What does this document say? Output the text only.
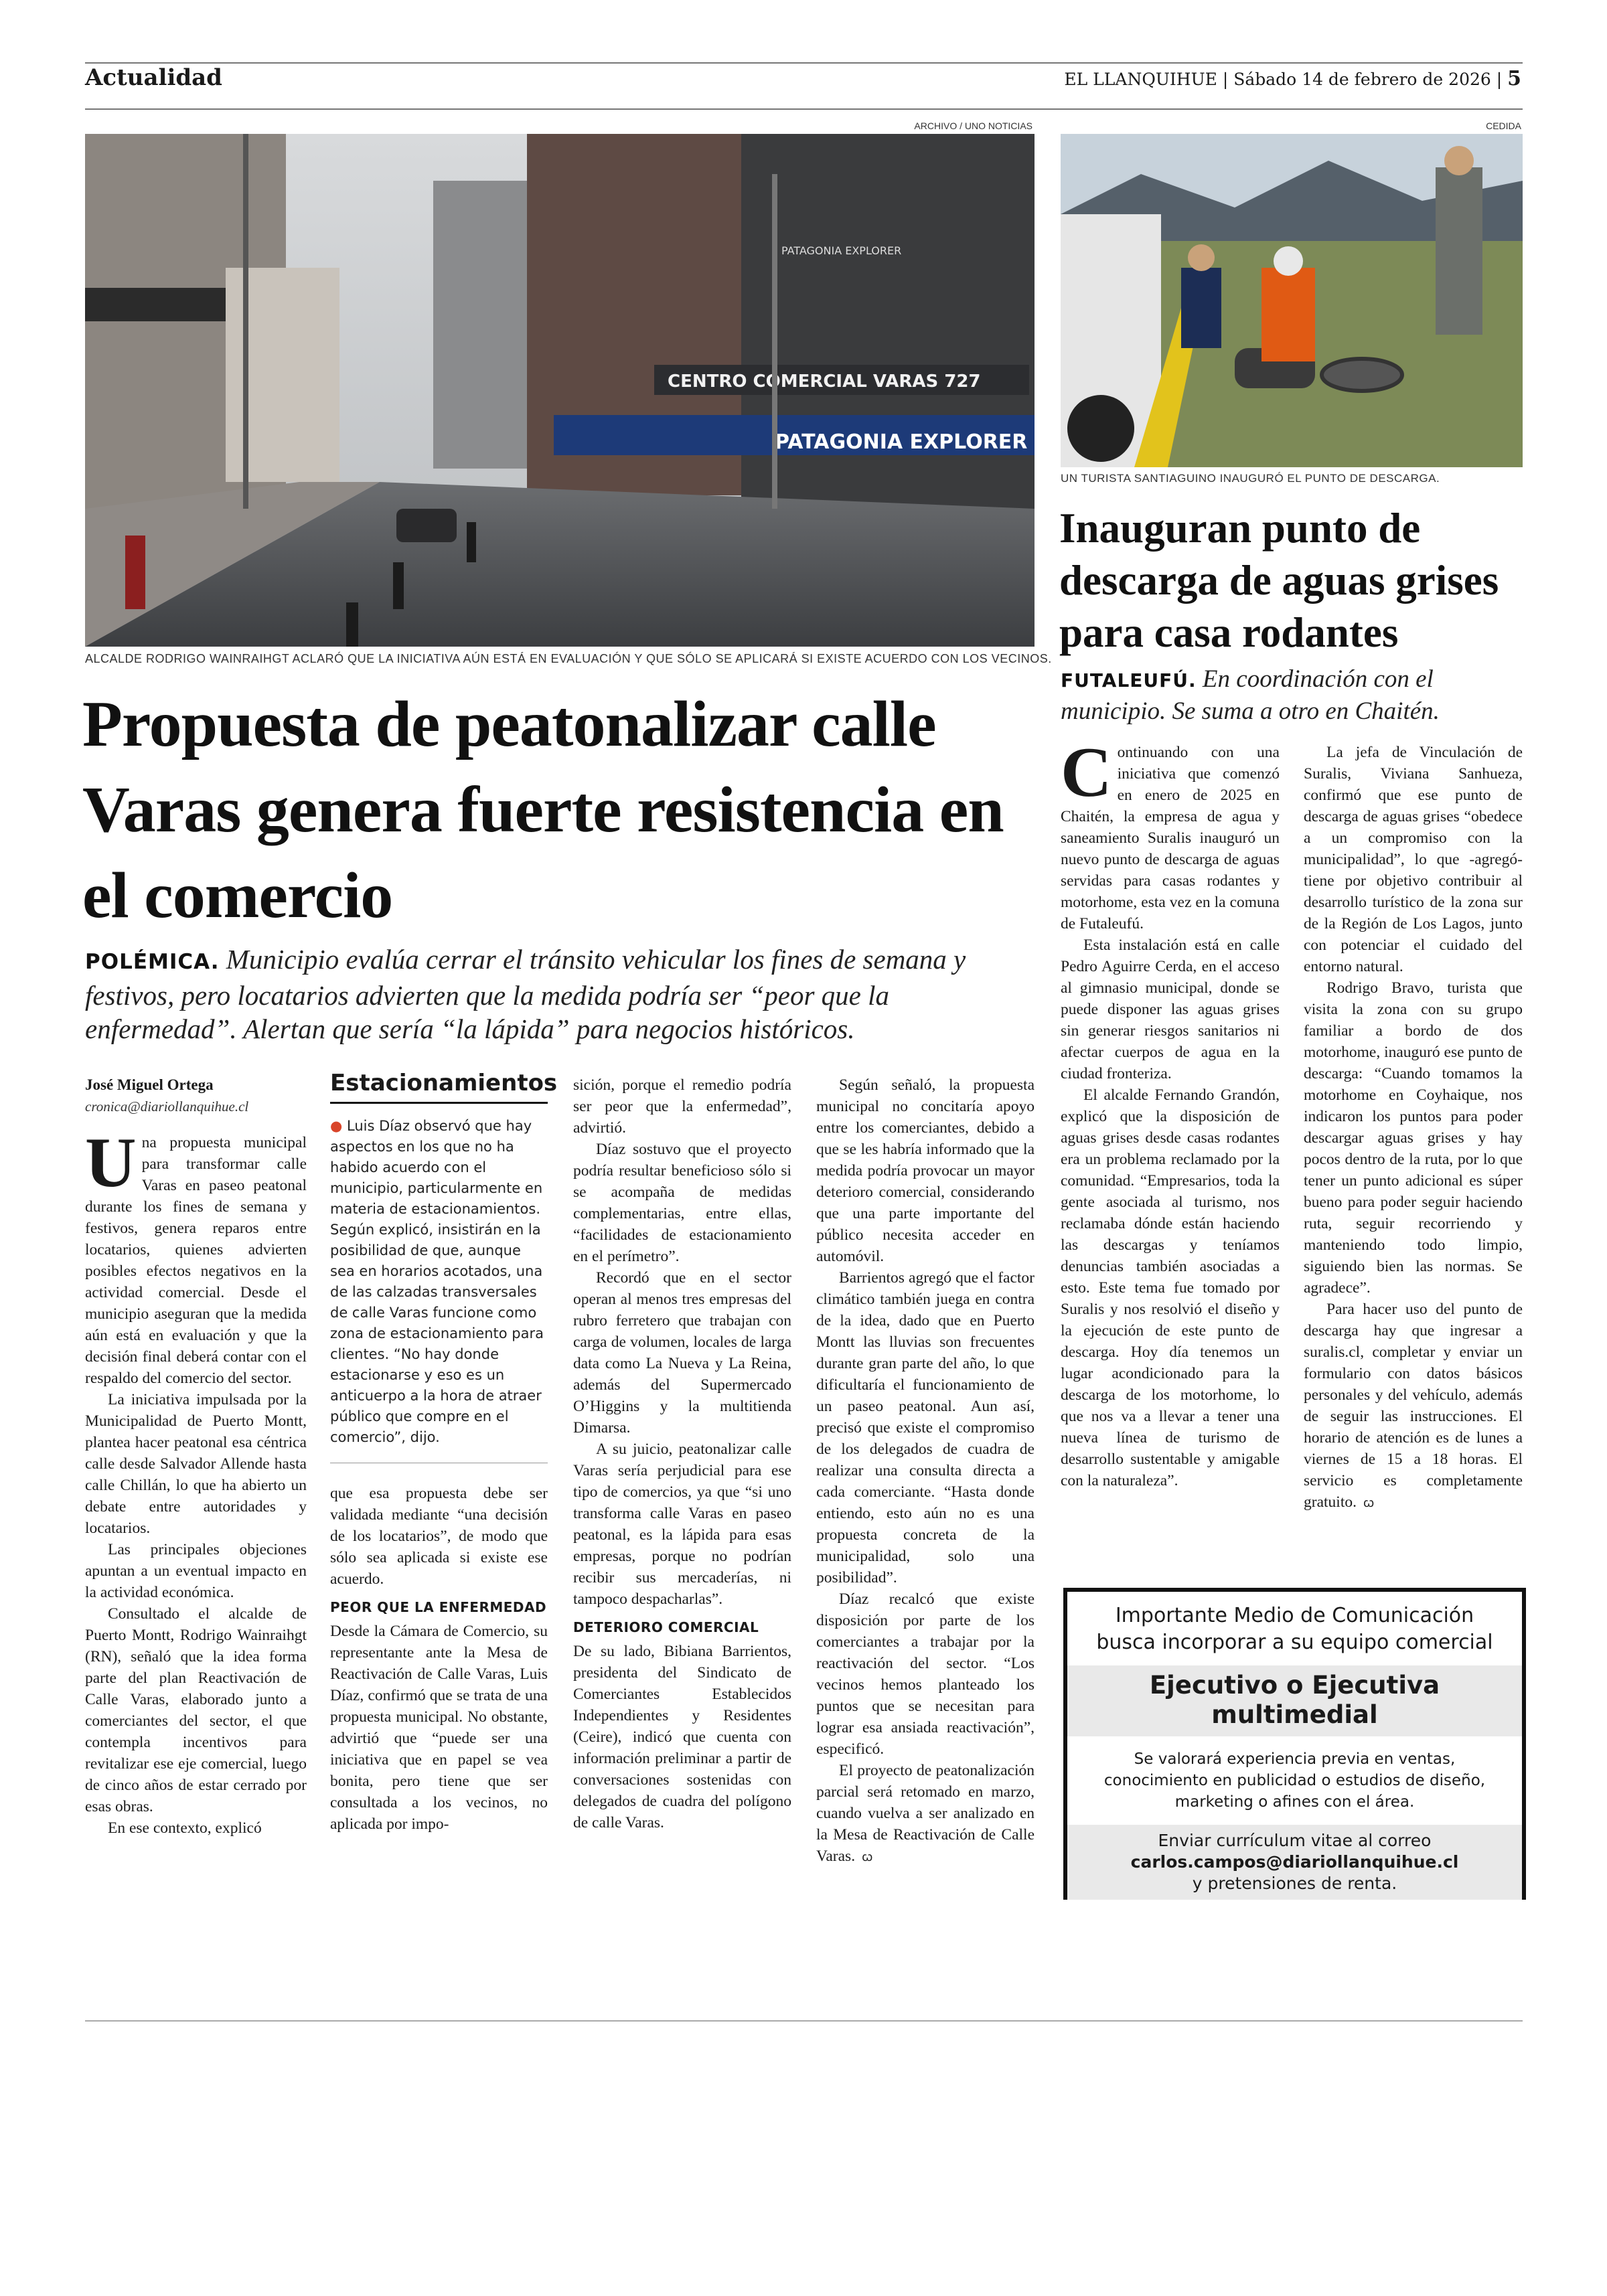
Actualidad	EL LLANQUIHUE | Sábado 14 de febrero de 2026 | 5
ARCHIVO / UNO NOTICIAS
PATAGONIA EXPLORER
CENTRO COMERCIAL VARAS 727
PATAGONIA EXPLORER
ALCALDE RODRIGO WAINRAIHGT ACLARÓ QUE LA INICIATIVA AÚN ESTÁ EN EVALUACIÓN Y QUE SÓLO SE APLICARÁ SI EXISTE ACUERDO CON LOS VECINOS.
Propuesta de peatonalizar calle Varas genera fuerte resistencia en el comercio
POLÉMICA. Municipio evalúa cerrar el tránsito vehicular los fines de semana y festivos, pero locatarios advierten que la medida podría ser “peor que la enfermedad”. Alertan que sería “la lápida” para negocios históricos.
José Miguel Ortega
cronica@diariollanquihue.cl

Una propuesta municipal para transformar calle Varas en paseo peatonal durante los fines de semana y festivos, genera reparos entre locatarios, quienes advierten posibles efectos negativos en la actividad comercial. Desde el municipio aseguran que la medida aún está en evaluación y que la decisión final deberá contar con el respaldo del comercio del sector.

La iniciativa impulsada por la Municipalidad de Puerto Montt, plantea hacer peatonal esa céntrica calle desde Salvador Allende hasta calle Chillán, lo que ha abierto un debate entre autoridades y locatarios.

Las principales objeciones apuntan a un eventual impacto en la actividad económica.

Consultado el alcalde de Puerto Montt, Rodrigo Wainraihgt (RN), señaló que la idea forma parte del plan Reactivación de Calle Varas, elaborado junto a comerciantes del sector, el que contempla incentivos para revitalizar ese eje comercial, luego de cinco años de estar cerrado por esas obras.

En ese contexto, explicó

Estacionamientos
● Luis Díaz observó que hay aspectos en los que no ha habido acuerdo con el municipio, particularmente en materia de estacionamientos. Según explicó, insistirán en la posibilidad de que, aunque sea en horarios acotados, una de las calzadas transversales de calle Varas funcione como zona de estacionamiento para clientes. “No hay donde estacionarse y eso es un anticuerpo a la hora de atraer público que compre en el comercio”, dijo.

que esa propuesta debe ser validada mediante “una decisión de los locatarios”, de modo que sólo sea aplicada si existe ese acuerdo.

PEOR QUE LA ENFERMEDAD

Desde la Cámara de Comercio, su representante ante la Mesa de Reactivación de Calle Varas, Luis Díaz, confirmó que se trata de una propuesta municipal. No obstante, advirtió que “puede ser una iniciativa que en papel se vea bonita, pero tiene que ser consultada a los vecinos, no aplicada por impo-

sición, porque el remedio podría ser peor que la enfermedad”, advirtió.

Díaz sostuvo que el proyecto podría resultar beneficioso sólo si se acompaña de medidas complementarias, entre ellas, “facilidades de estacionamiento en el perímetro”.

Recordó que en el sector operan al menos tres empresas del rubro ferretero que trabajan con carga de volumen, locales de larga data como La Nueva y La Reina, además del Supermercado O’Higgins y la multitienda Dimarsa.

A su juicio, peatonalizar calle Varas sería perjudicial para ese tipo de comercios, ya que “si uno transforma calle Varas en paseo peatonal, es la lápida para esas empresas, porque no podrían recibir sus mercaderías, ni tampoco despacharlas”.

DETERIORO COMERCIAL

De su lado, Bibiana Barrientos, presidenta del Sindicato de Comerciantes Establecidos Independientes y Residentes (Ceire), indicó que cuenta con información preliminar a partir de conversaciones sostenidas con delegados de cuadra del polígono de calle Varas.

Según señaló, la propuesta municipal no concitaría apoyo entre los comerciantes, debido a que se les habría informado que la medida podría provocar un mayor deterioro comercial, considerando que una parte importante del público necesita acceder en automóvil.

Barrientos agregó que el factor climático también juega en contra de la idea, dado que en Puerto Montt las lluvias son frecuentes durante gran parte del año, lo que dificultaría el funcionamiento de un paseo peatonal. Aun así, precisó que existe el compromiso de los delegados de cuadra de realizar una consulta directa a cada comerciante. “Hasta donde entiendo, esto aún no es una propuesta concreta de la municipalidad, solo una posibilidad”.

Díaz recalcó que existe disposición por parte de los comerciantes a trabajar por la reactivación del sector. “Los vecinos hemos planteado los puntos que se necesitan para lograr esa ansiada reactivación”, especificó.

El proyecto de peatonalización parcial será retomado en marzo, cuando vuelva a ser analizado en la Mesa de Reactivación de Calle Varas. ꞷ

CEDIDA
UN TURISTA SANTIAGUINO INAUGURÓ EL PUNTO DE DESCARGA.
Inauguran punto de descarga de aguas grises para casa rodantes
FUTALEUFÚ. En coordinación con el municipio. Se suma a otro en Chaitén.

Continuando con una iniciativa que comenzó en enero de 2025 en Chaitén, la empresa de agua y saneamiento Suralis inauguró un nuevo punto de descarga de aguas servidas para casas rodantes y motorhome, esta vez en la comuna de Futaleufú.

Esta instalación está en calle Pedro Aguirre Cerda, en el acceso al gimnasio municipal, donde se puede disponer las aguas grises sin generar riesgos sanitarios ni afectar cuerpos de agua en la ciudad fronteriza.

El alcalde Fernando Grandón, explicó que la disposición de aguas grises desde casas rodantes era un problema reclamado por la comunidad. “Empresarios, toda la gente asociada al turismo, nos reclamaba dónde están haciendo las descargas y teníamos denuncias también asociadas a esto. Este tema fue tomado por Suralis y nos resolvió el diseño y la ejecución de este punto de descarga. Hoy día tenemos un lugar acondicionado para la descarga de los motorhome, lo que nos va a llevar a tener una nueva línea de turismo de desarrollo sustentable y amigable con la naturaleza”.

La jefa de Vinculación de Suralis, Viviana Sanhueza, confirmó que ese punto de descarga de aguas grises “obedece a un compromiso con la municipalidad”, lo que -agregó- tiene por objetivo contribuir al desarrollo turístico de la zona sur de la Región de Los Lagos, junto con potenciar el cuidado del entorno natural.

Rodrigo Bravo, turista que visita la zona con su grupo familiar a bordo de dos motorhome, inauguró ese punto de descarga: “Cuando tomamos la motorhome en Coyhaique, nos indicaron los puntos para poder descargar aguas grises y hay pocos dentro de la ruta, por lo que tener un punto adicional es súper bueno para poder seguir haciendo ruta, seguir recorriendo y manteniendo todo limpio, siguiendo bien las normas. Se agradece”.

Para hacer uso del punto de descarga hay que ingresar a suralis.cl, completar y enviar un formulario con datos básicos personales y del vehículo, además de seguir las instrucciones. El horario de atención es de lunes a viernes de 15 a 18 horas. El servicio es completamente gratuito. ꞷ

Importante Medio de Comunicación
busca incorporar a su equipo comercial
Ejecutivo o Ejecutiva
multimedial
Se valorará experiencia previa en ventas,
conocimiento en publicidad o estudios de diseño,
marketing o afines con el área.
Enviar currículum vitae al correo
carlos.campos@diariollanquihue.cl
y pretensiones de renta.
